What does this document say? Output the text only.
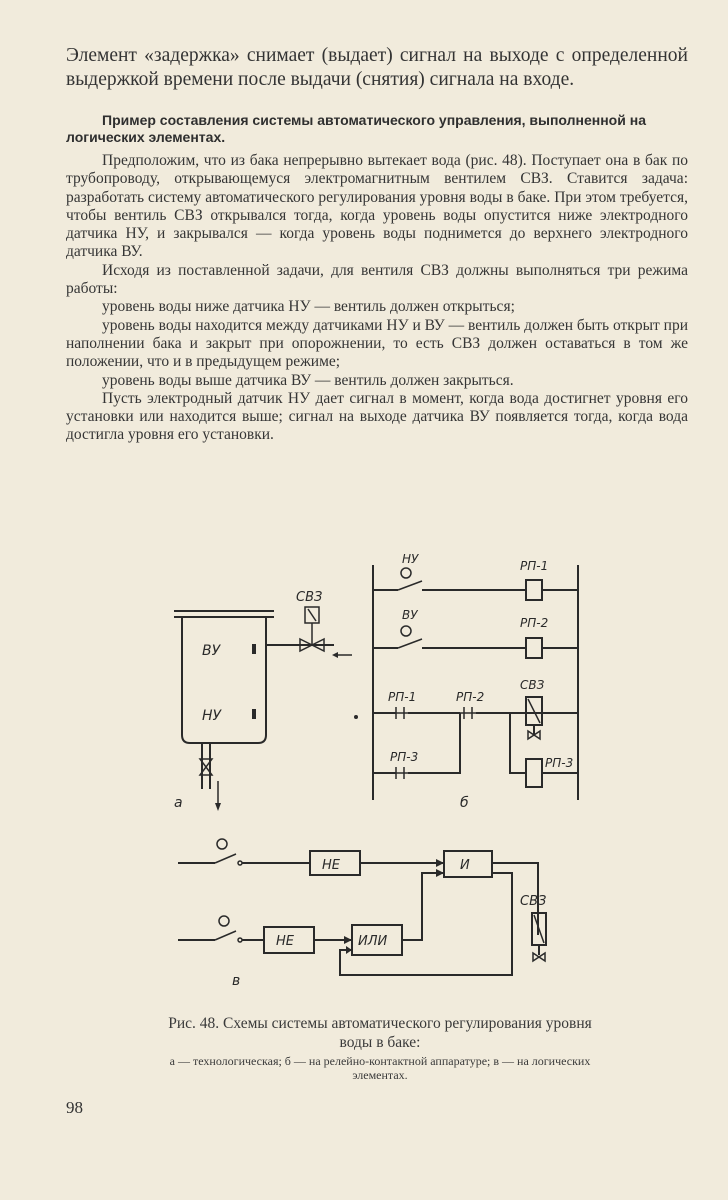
Элемент «задержка» снимает (выдает) сигнал на выходе с определенной выдержкой времени после выдачи (снятия) сигнала на входе.

Пример составления системы автоматического управления, выполненной на логических элементах.

Предположим, что из бака непрерывно вытекает вода (рис. 48). Поступает она в бак по трубопроводу, открывающемуся электромагнитным вентилем СВЗ. Ставится задача: разработать систему автоматического регулирования уровня воды в баке. При этом требуется, чтобы вентиль СВЗ открывался тогда, когда уровень воды опустится ниже электродного датчика НУ, и закрывался — когда уровень воды поднимется до верхнего электродного датчика ВУ.

Исходя из поставленной задачи, для вентиля СВЗ должны выполняться три режима работы:

уровень воды ниже датчика НУ — вентиль должен открыться;

уровень воды находится между датчиками НУ и ВУ — вентиль должен быть открыт при наполнении бака и закрыт при опорожнении, то есть СВЗ должен оставаться в том же положении, что и в предыдущем режиме;

уровень воды выше датчика ВУ — вентиль должен закрыться.

Пусть электродный датчик НУ дает сигнал в момент, когда вода достигнет уровня его установки или находится выше; сигнал на выходе датчика ВУ появляется тогда, когда вода достигла уровня его установки.

ВУ
НУ
СВЗ
а
НУ	РП-1
ВУ
РП-2
РП-1	РП-2
СВЗ
РП-3	РП-3
б
НЕ	И
СВЗ
НЕ	ИЛИ
в

Рис. 48. Схемы системы автоматического регулирования уровня воды в баке:

а — технологическая; б — на релейно-контактной аппаратуре; в — на логических элементах.

98
